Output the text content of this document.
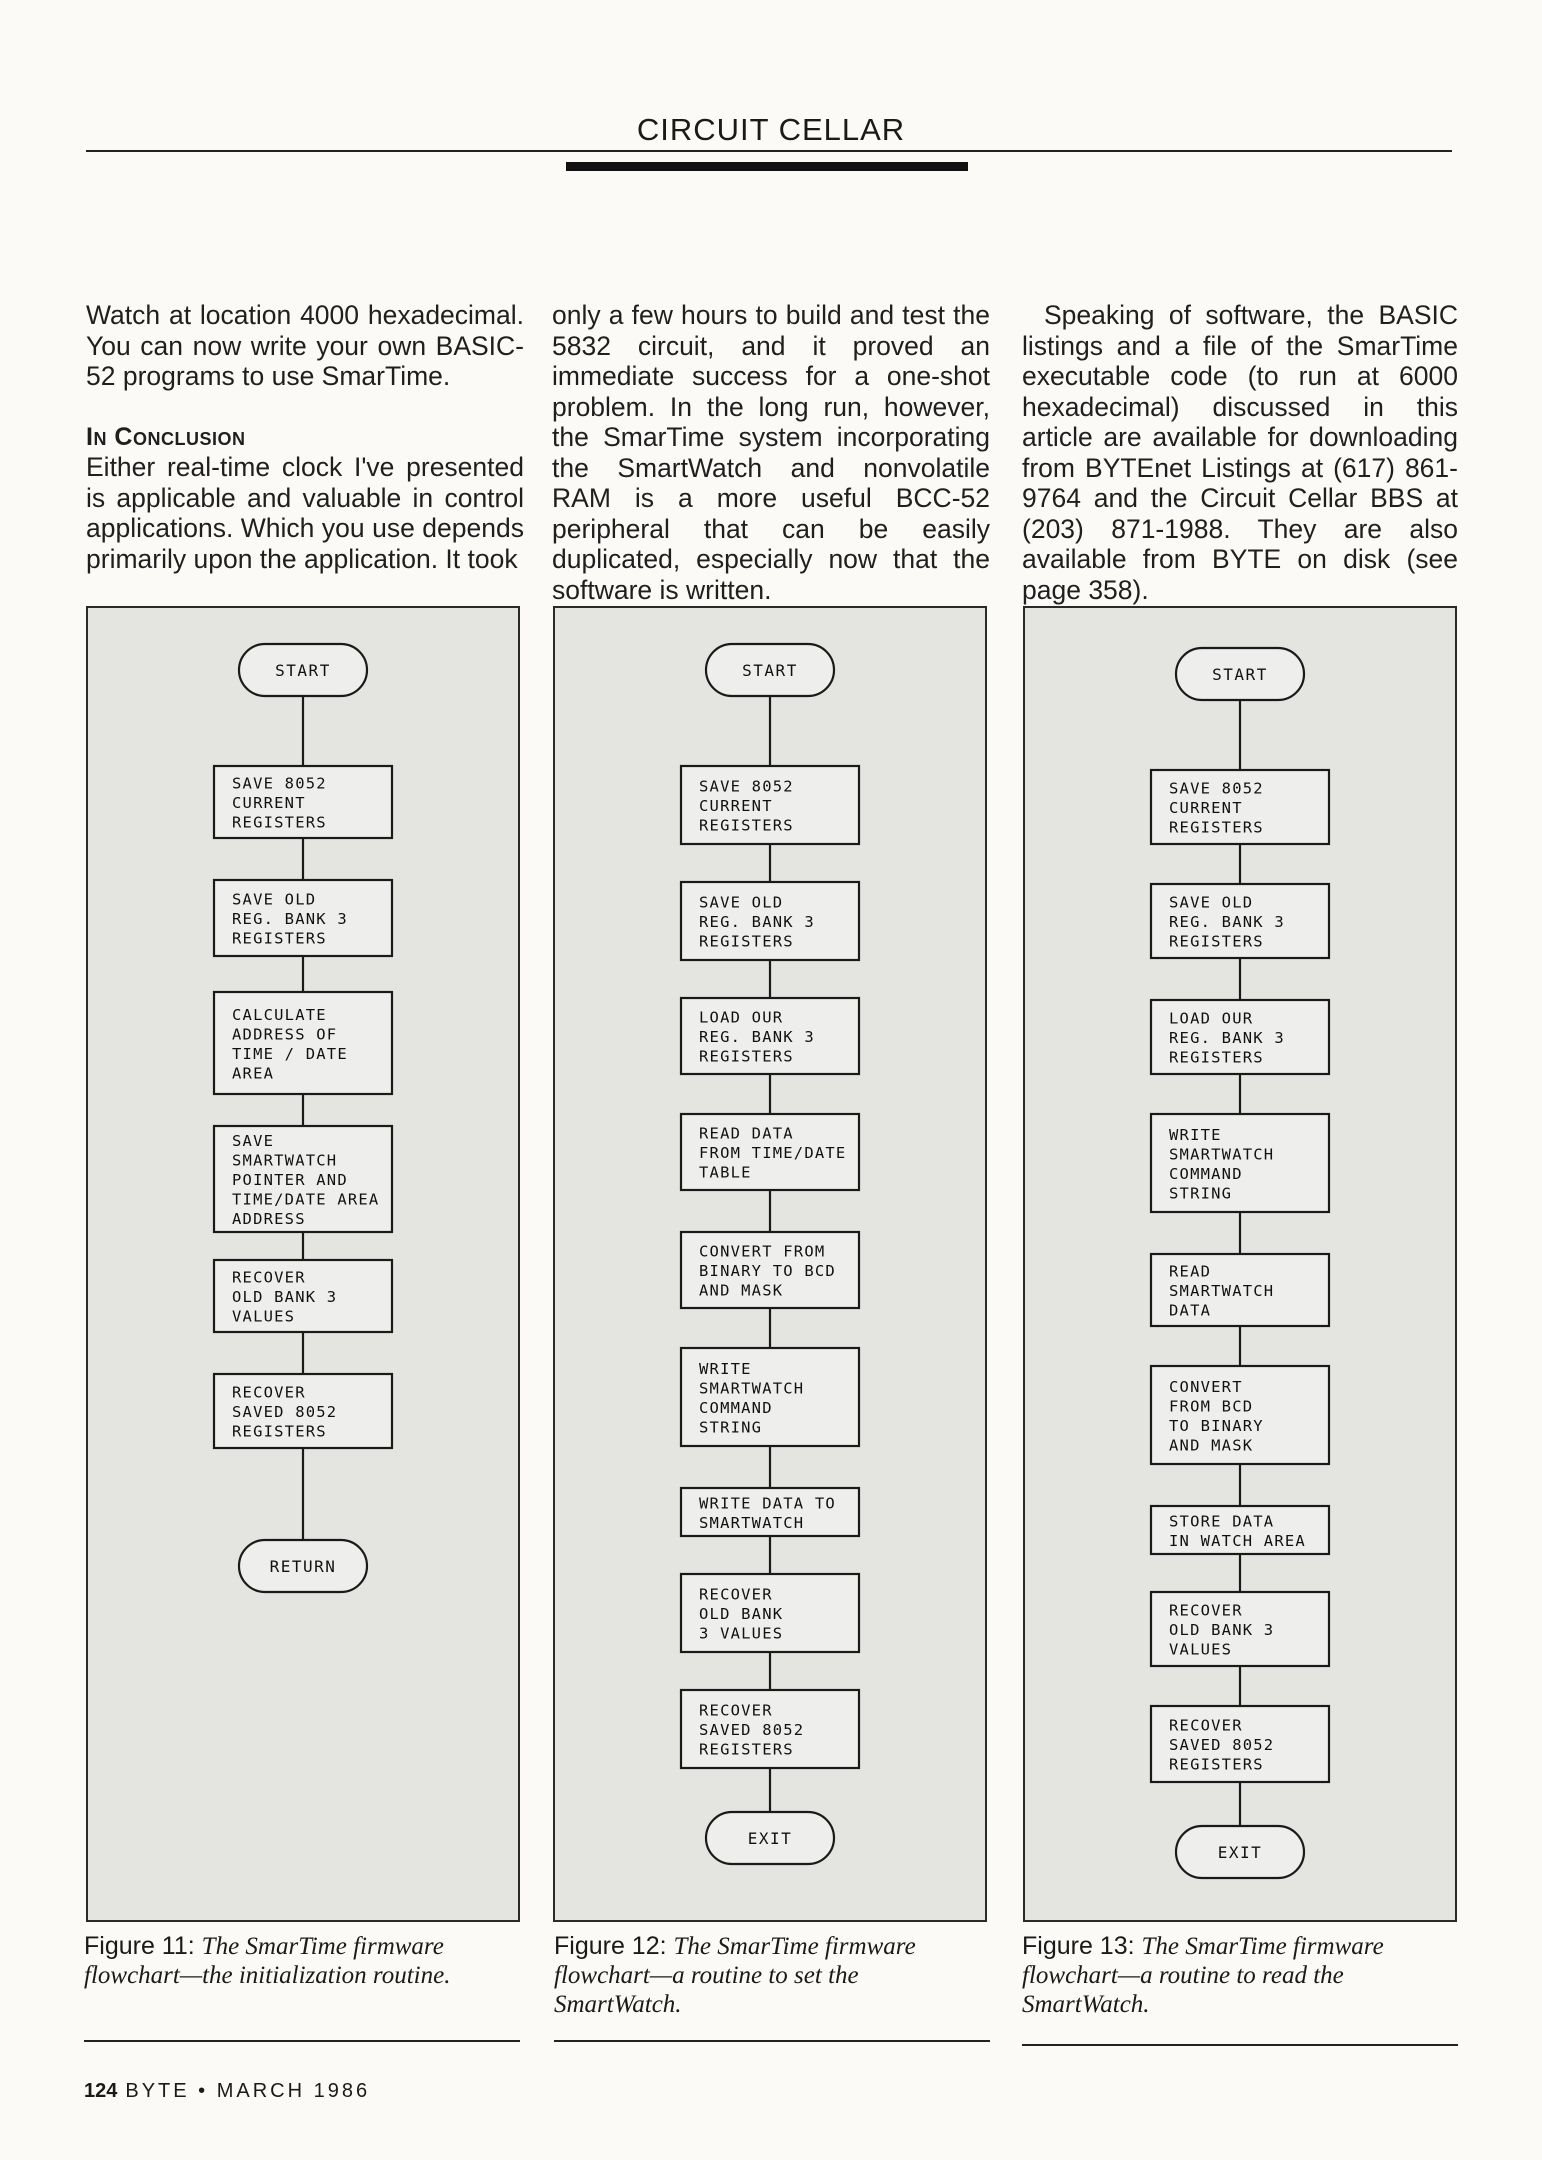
CIRCUIT CELLAR

Watch at location 4000 hexadecimal. You can now write your own BASIC-52 programs to use SmarTime.

In Conclusion

Either real-time clock I've presented is applicable and valuable in control applications. Which you use depends primarily upon the application. It took

only a few hours to build and test the 5832 circuit, and it proved an immediate success for a one-shot problem. In the long run, however, the SmarTime system incorporating the SmartWatch and nonvolatile RAM is a more useful BCC-52 peripheral that can be easily duplicated, especially now that the software is written.

Speaking of software, the BASIC listings and a file of the SmarTime executable code (to run at 6000 hexadecimal) discussed in this article are available for downloading from BYTEnet Listings at (617) 861-9764 and the Circuit Cellar BBS at (203) 871-1988. They are also available from BYTE on disk (see page 358).

START
SAVE 8052 CURRENT REGISTERS
SAVE OLD REG. BANK 3 REGISTERS
CALCULATE ADDRESS OF TIME / DATE AREA
SAVE SMARTWATCH POINTER AND TIME/DATE AREA ADDRESS
RECOVER OLD BANK 3 VALUES
RECOVER SAVED 8052 REGISTERS
RETURN
START
SAVE 8052 CURRENT REGISTERS
SAVE OLD REG. BANK 3 REGISTERS
LOAD OUR REG. BANK 3 REGISTERS
READ DATA FROM TIME/DATE TABLE
CONVERT FROM BINARY TO BCD AND MASK
WRITE SMARTWATCH COMMAND STRING
WRITE DATA TO SMARTWATCH
RECOVER OLD BANK 3 VALUES
RECOVER SAVED 8052 REGISTERS
EXIT
START
SAVE 8052 CURRENT REGISTERS
SAVE OLD REG. BANK 3 REGISTERS
LOAD OUR REG. BANK 3 REGISTERS
WRITE SMARTWATCH COMMAND STRING
READ SMARTWATCH DATA
CONVERT FROM BCD TO BINARY AND MASK
STORE DATA IN WATCH AREA
RECOVER OLD BANK 3 VALUES
RECOVER SAVED 8052 REGISTERS
EXIT
Figure 11: The SmarTime firmware flowchart—the initialization routine.
Figure 12: The SmarTime firmware flowchart—a routine to set the SmartWatch.
Figure 13: The SmarTime firmware flowchart—a routine to read the SmartWatch.
124 BYTE • MARCH 1986
